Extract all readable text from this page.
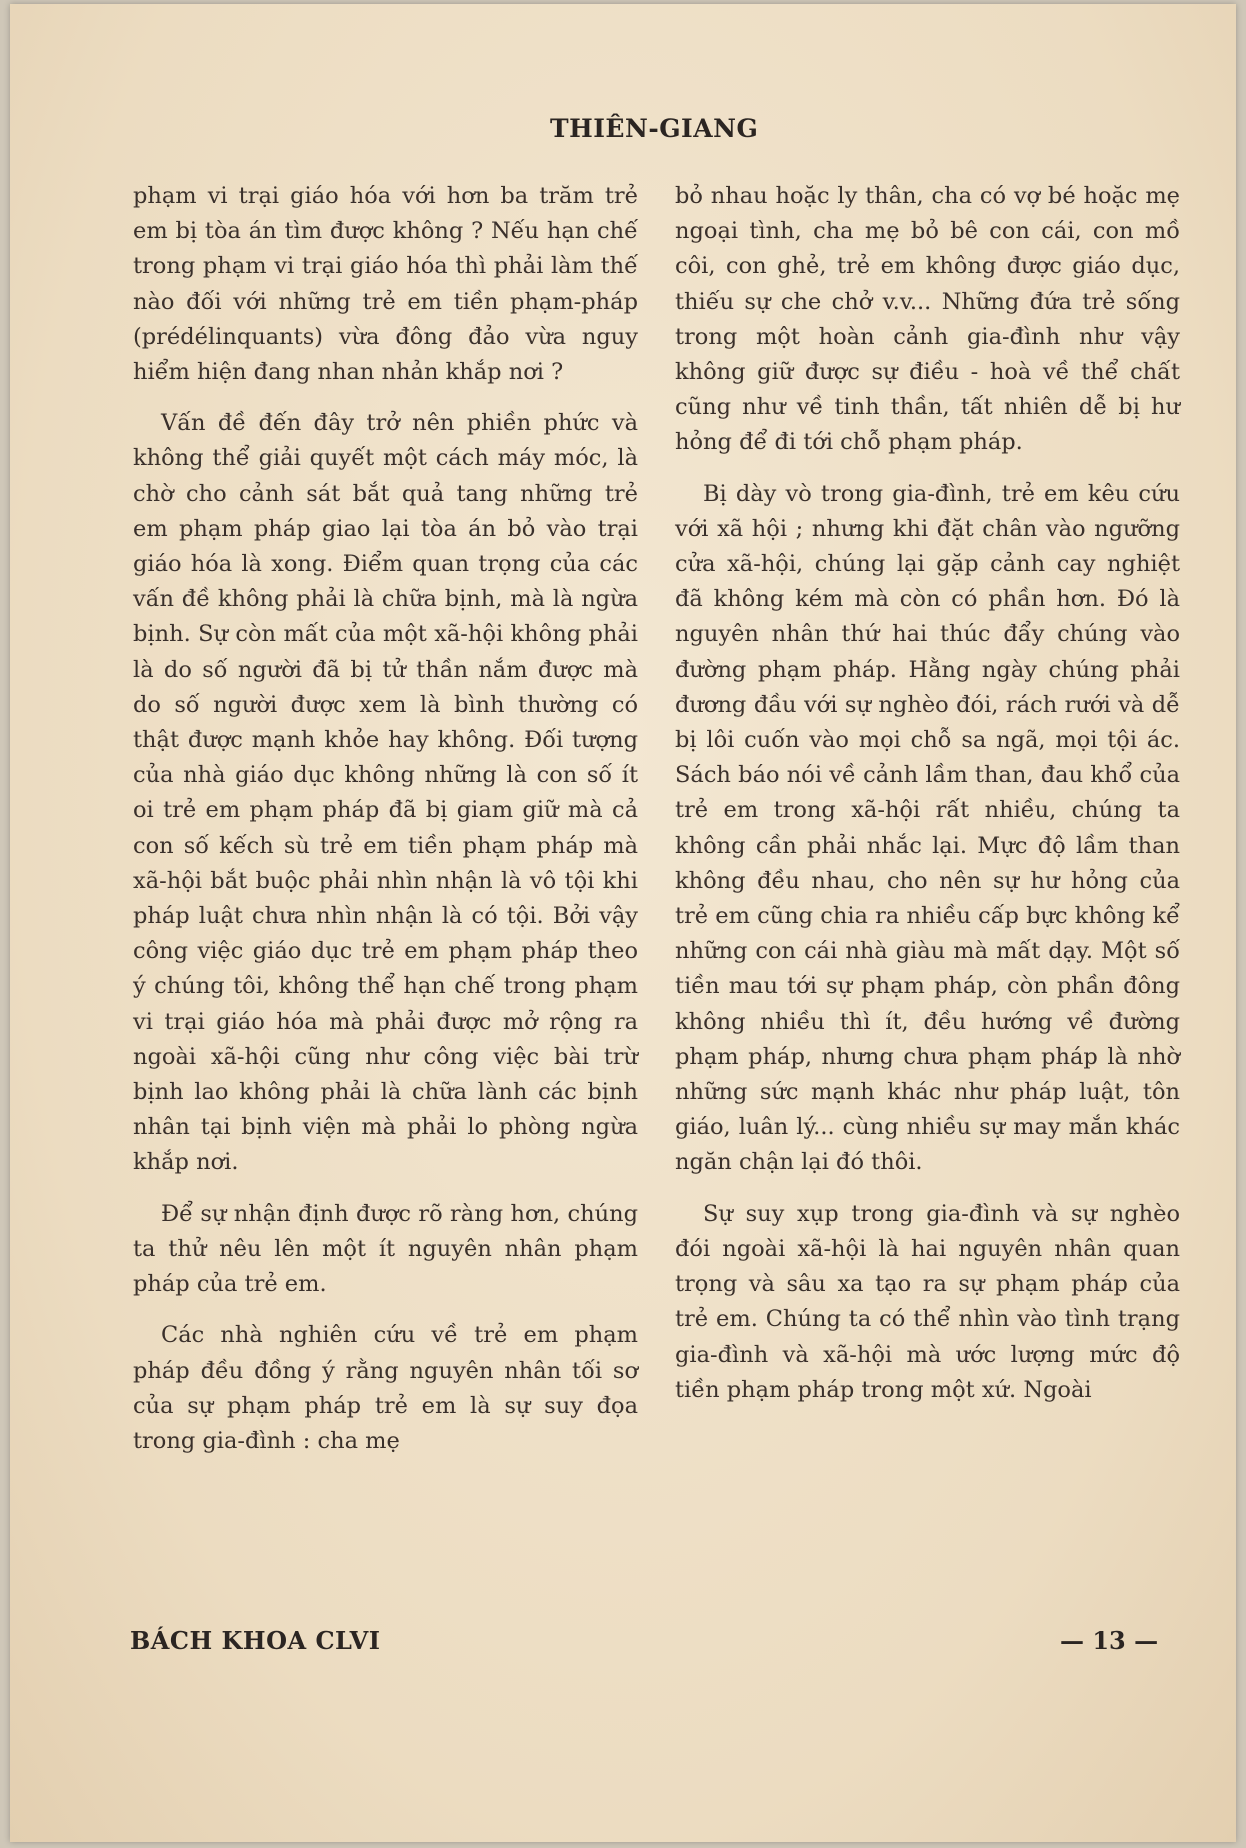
THIÊN-GIANG

phạm vi trại giáo hóa với hơn ba trăm trẻ em bị tòa án tìm được không ? Nếu hạn chế trong phạm vi trại giáo hóa thì phải làm thế nào đối với những trẻ em tiền phạm-pháp (prédélinquants) vừa đông đảo vừa nguy hiểm hiện đang nhan nhản khắp nơi ?

Vấn đề đến đây trở nên phiền phức và không thể giải quyết một cách máy móc, là chờ cho cảnh sát bắt quả tang những trẻ em phạm pháp giao lại tòa án bỏ vào trại giáo hóa là xong. Điểm quan trọng của các vấn đề không phải là chữa bịnh, mà là ngừa bịnh. Sự còn mất của một xã-hội không phải là do số người đã bị tử thần nắm được mà do số người được xem là bình thường có thật được mạnh khỏe hay không. Đối tượng của nhà giáo dục không những là con số ít oi trẻ em phạm pháp đã bị giam giữ mà cả con số kếch sù trẻ em tiền phạm pháp mà xã-hội bắt buộc phải nhìn nhận là vô tội khi pháp luật chưa nhìn nhận là có tội. Bởi vậy công việc giáo dục trẻ em phạm pháp theo ý chúng tôi, không thể hạn chế trong phạm vi trại giáo hóa mà phải được mở rộng ra ngoài xã-hội cũng như công việc bài trừ bịnh lao không phải là chữa lành các bịnh nhân tại bịnh viện mà phải lo phòng ngừa khắp nơi.

Để sự nhận định được rõ ràng hơn, chúng ta thử nêu lên một ít nguyên nhân phạm pháp của trẻ em.

Các nhà nghiên cứu về trẻ em phạm pháp đều đồng ý rằng nguyên nhân tối sơ của sự phạm pháp trẻ em là sự suy đọa trong gia-đình : cha mẹ

bỏ nhau hoặc ly thân, cha có vợ bé hoặc mẹ ngoại tình, cha mẹ bỏ bê con cái, con mồ côi, con ghẻ, trẻ em không được giáo dục, thiếu sự che chở v.v... Những đứa trẻ sống trong một hoàn cảnh gia-đình như vậy không giữ được sự điều - hoà về thể chất cũng như về tinh thần, tất nhiên dễ bị hư hỏng để đi tới chỗ phạm pháp.

Bị dày vò trong gia-đình, trẻ em kêu cứu với xã hội ; nhưng khi đặt chân vào ngưỡng cửa xã-hội, chúng lại gặp cảnh cay nghiệt đã không kém mà còn có phần hơn. Đó là nguyên nhân thứ hai thúc đẩy chúng vào đường phạm pháp. Hằng ngày chúng phải đương đầu với sự nghèo đói, rách rưới và dễ bị lôi cuốn vào mọi chỗ sa ngã, mọi tội ác. Sách báo nói về cảnh lầm than, đau khổ của trẻ em trong xã-hội rất nhiều, chúng ta không cần phải nhắc lại. Mực độ lầm than không đều nhau, cho nên sự hư hỏng của trẻ em cũng chia ra nhiều cấp bực không kể những con cái nhà giàu mà mất dạy. Một số tiền mau tới sự phạm pháp, còn phần đông không nhiều thì ít, đều hướng về đường phạm pháp, nhưng chưa phạm pháp là nhờ những sức mạnh khác như pháp luật, tôn giáo, luân lý... cùng nhiều sự may mắn khác ngăn chận lại đó thôi.

Sự suy xụp trong gia-đình và sự nghèo đói ngoài xã-hội là hai nguyên nhân quan trọng và sâu xa tạo ra sự phạm pháp của trẻ em. Chúng ta có thể nhìn vào tình trạng gia-đình và xã-hội mà ước lượng mức độ tiền phạm pháp trong một xứ. Ngoài

BÁCH KHOA CLVI	— 13 —
